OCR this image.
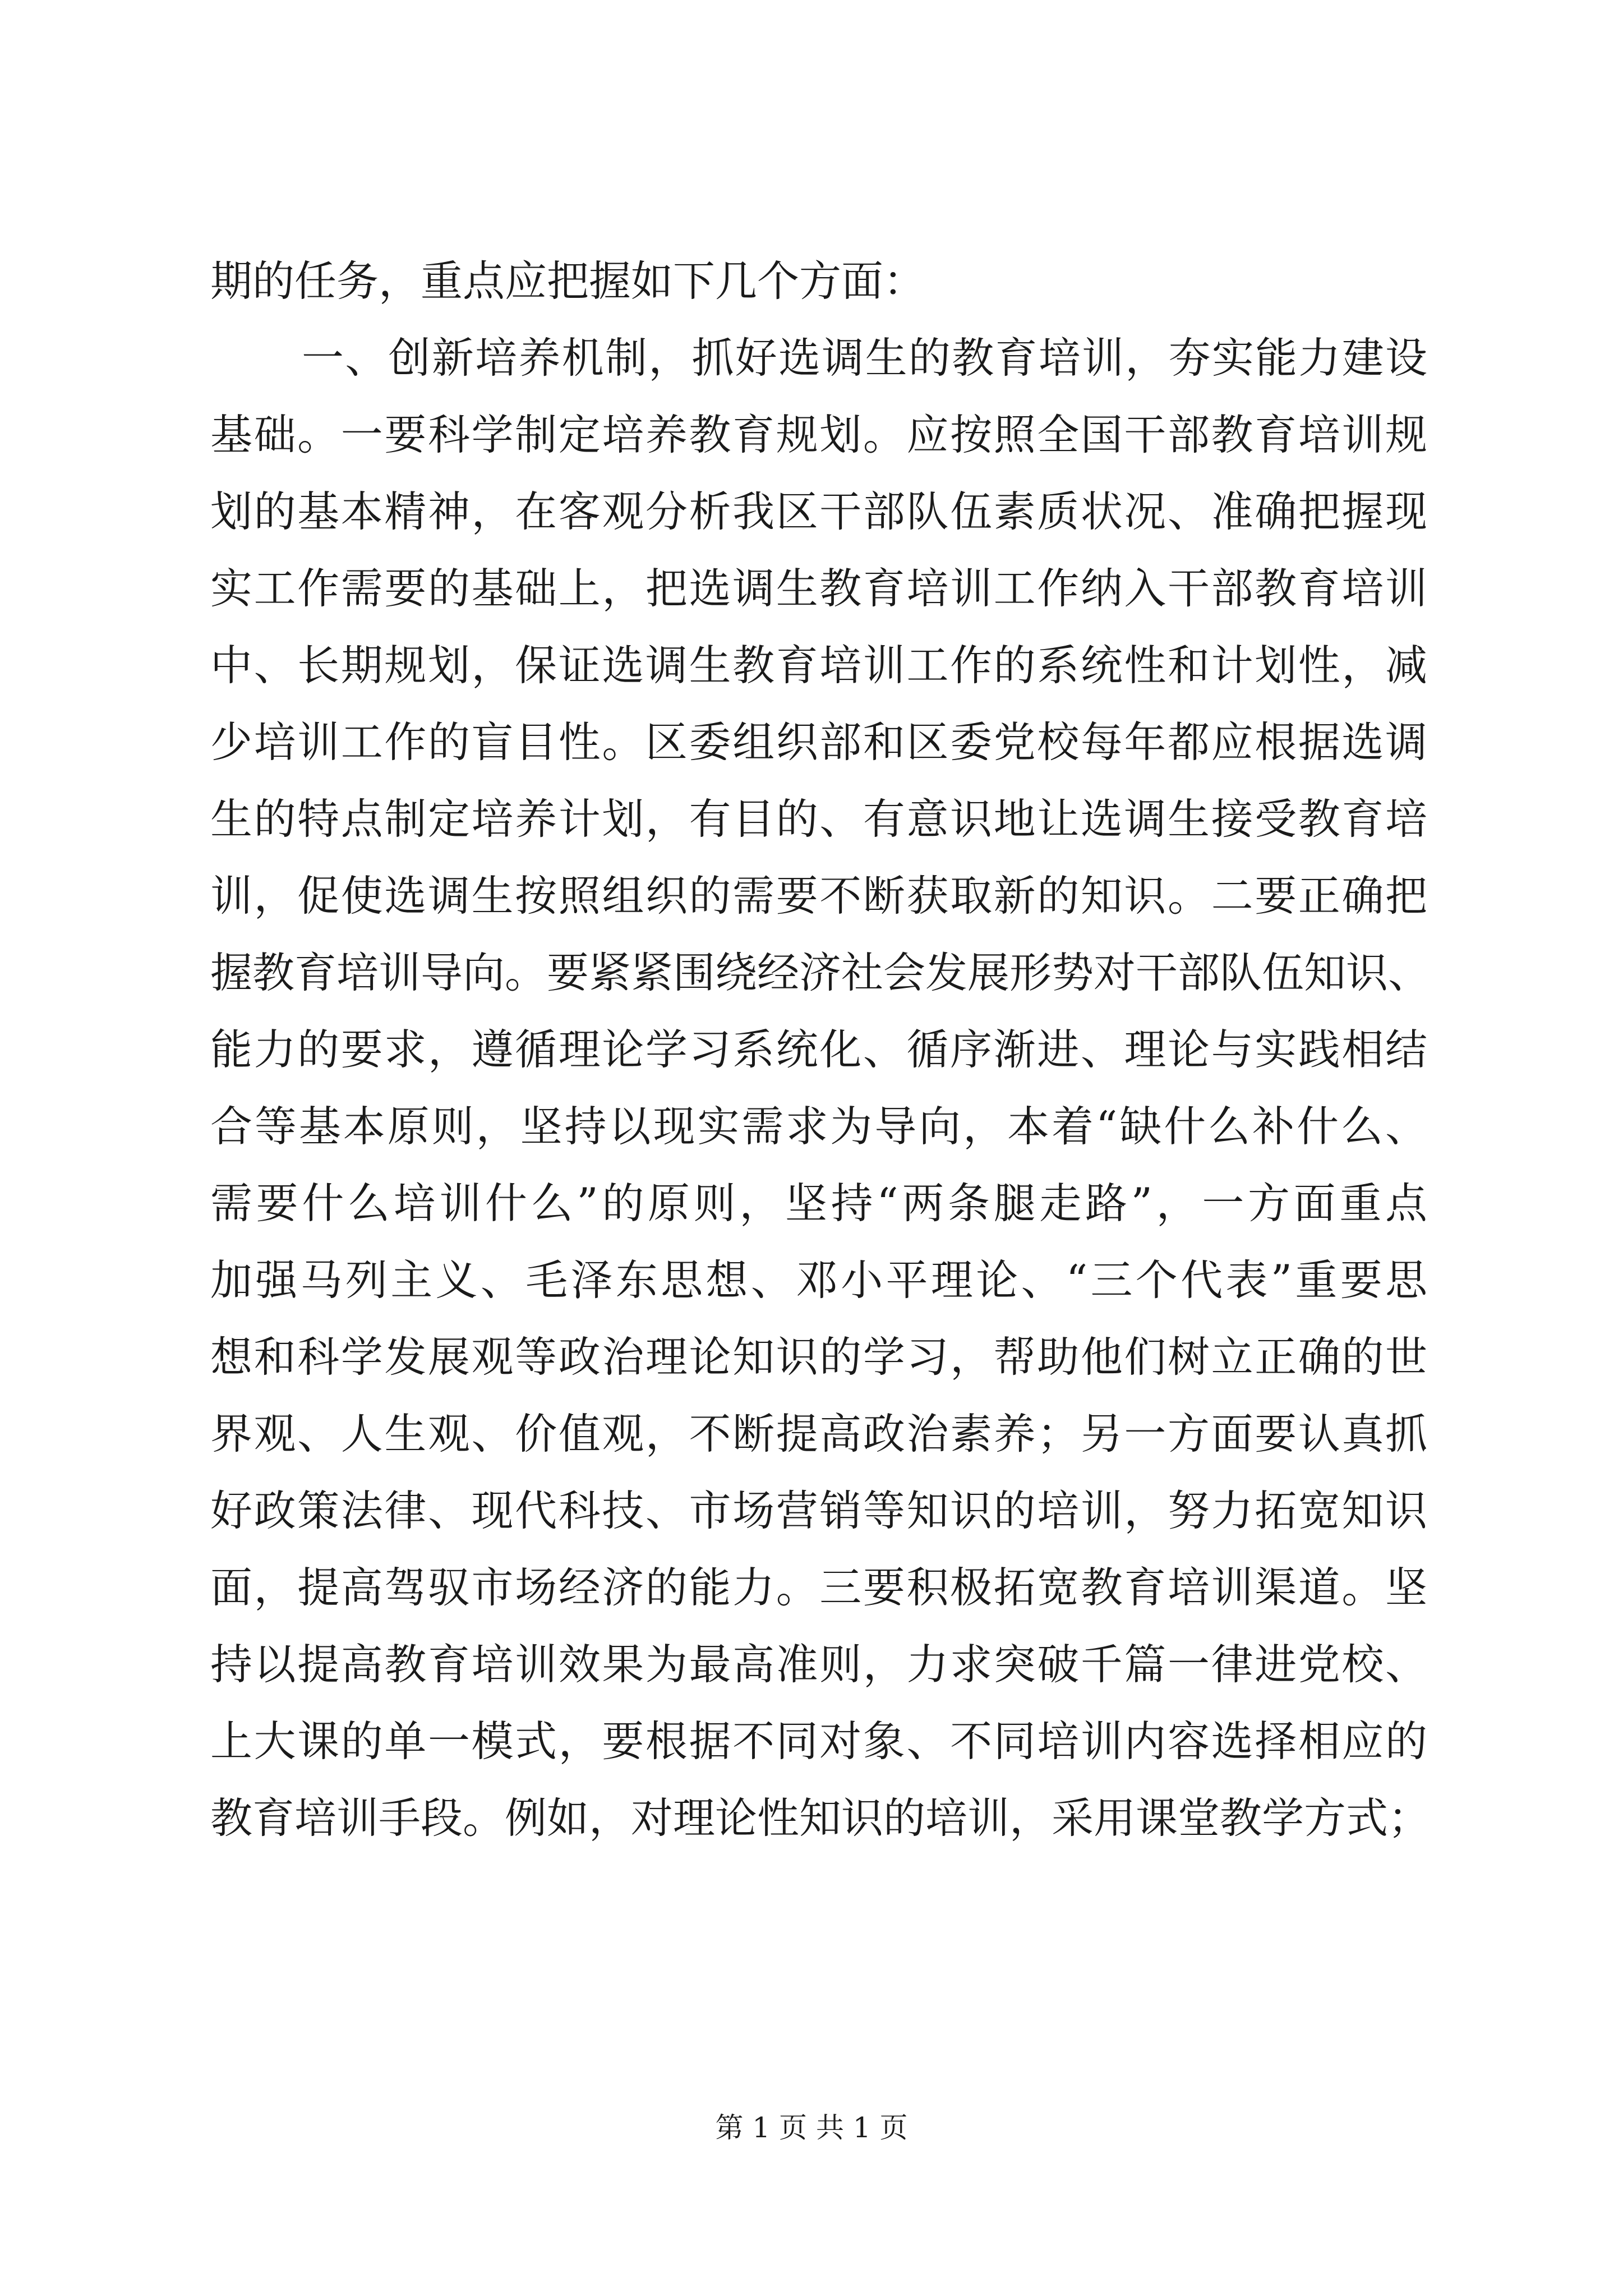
期的任务，重点应把握如下几个方面：
一、创新培养机制，抓好选调生的教育培训，夯实能力建设
基础。一要科学制定培养教育规划。应按照全国干部教育培训规
划的基本精神，在客观分析我区干部队伍素质状况、准确把握现
实工作需要的基础上，把选调生教育培训工作纳入干部教育培训
中、长期规划，保证选调生教育培训工作的系统性和计划性，减
少培训工作的盲目性。区委组织部和区委党校每年都应根据选调
生的特点制定培养计划，有目的、有意识地让选调生接受教育培
训，促使选调生按照组织的需要不断获取新的知识。二要正确把
握教育培训导向。要紧紧围绕经济社会发展形势对干部队伍知识、
能力的要求，遵循理论学习系统化、循序渐进、理论与实践相结
合等基本原则，坚持以现实需求为导向，本着“缺什么补什么、
需要什么培训什么”的原则，坚持“两条腿走路”，一方面重点
加强马列主义、毛泽东思想、邓小平理论、“三个代表”重要思
想和科学发展观等政治理论知识的学习，帮助他们树立正确的世
界观、人生观、价值观，不断提高政治素养；另一方面要认真抓
好政策法律、现代科技、市场营销等知识的培训，努力拓宽知识
面，提高驾驭市场经济的能力。三要积极拓宽教育培训渠道。坚
持以提高教育培训效果为最高准则，力求突破千篇一律进党校、
上大课的单一模式，要根据不同对象、不同培训内容选择相应的
教育培训手段。例如，对理论性知识的培训，采用课堂教学方式；
第 1 页 共 1 页
